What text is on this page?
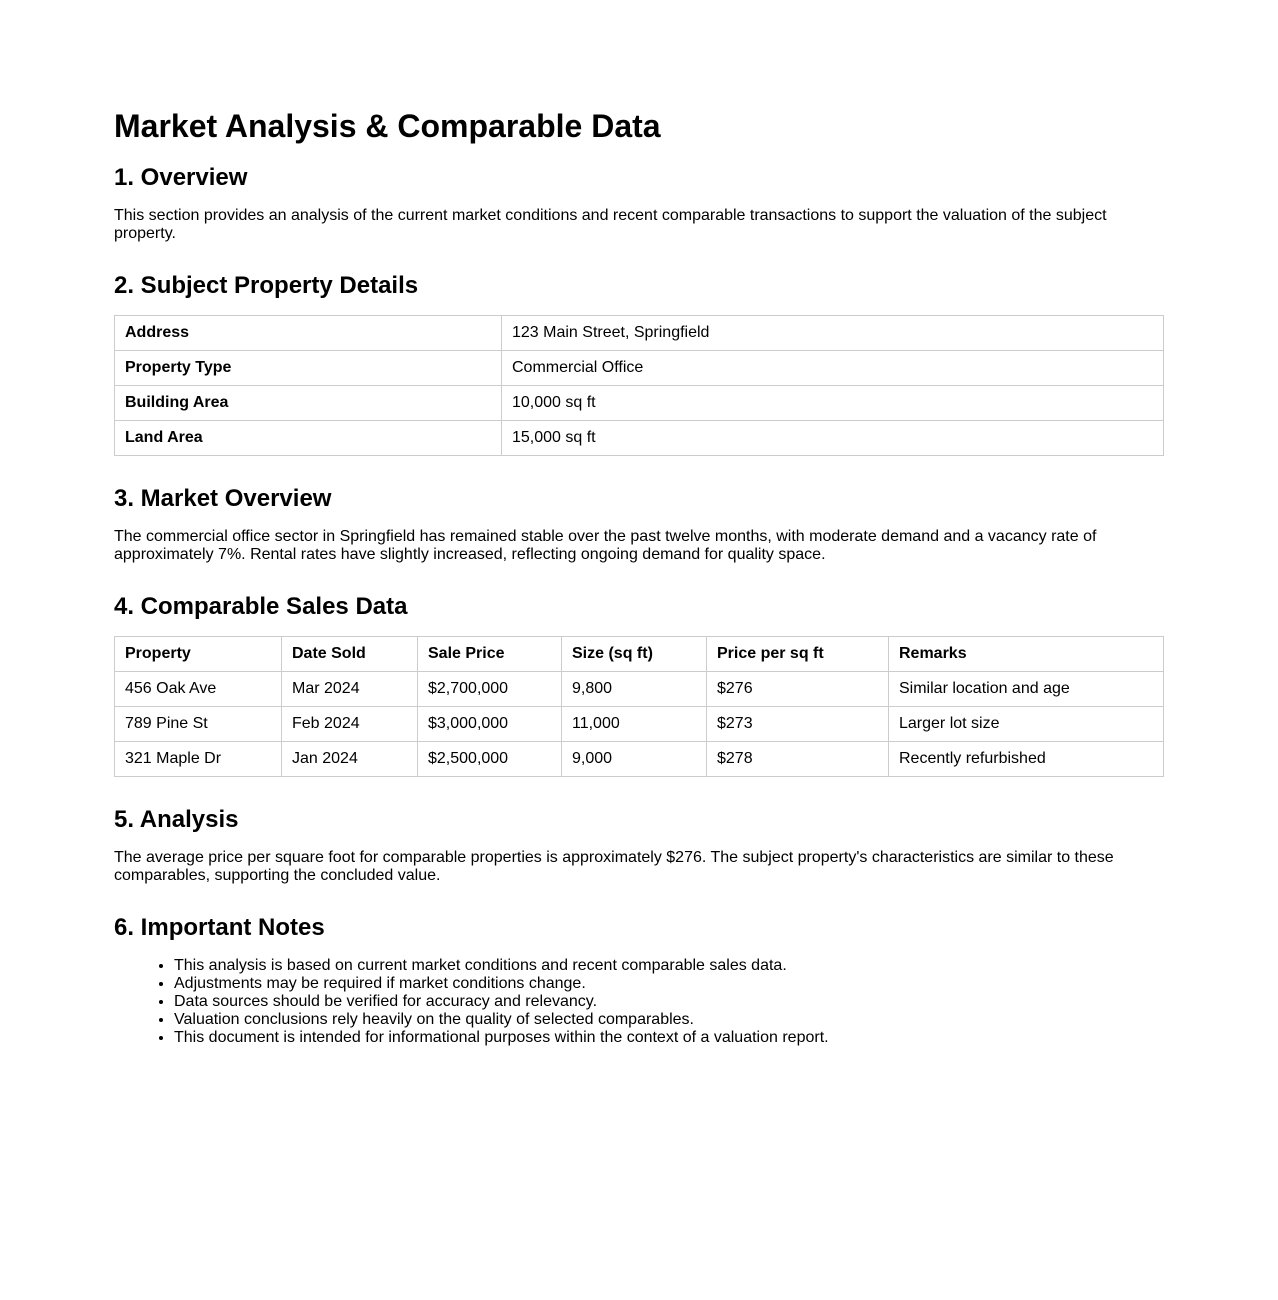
Market Analysis & Comparable Data
1. Overview

This section provides an analysis of the current market conditions and recent comparable transactions to support the valuation of the subject property.

2. Subject Property Details
Address	123 Main Street, Springfield
Property Type	Commercial Office
Building Area	10,000 sq ft
Land Area	15,000 sq ft
3. Market Overview

The commercial office sector in Springfield has remained stable over the past twelve months, with moderate demand and a vacancy rate of approximately 7%. Rental rates have slightly increased, reflecting ongoing demand for quality space.

4. Comparable Sales Data
Property	Date Sold	Sale Price	Size (sq ft)	Price per sq ft	Remarks
456 Oak Ave	Mar 2024	$2,700,000	9,800	$276	Similar location and age
789 Pine St	Feb 2024	$3,000,000	11,000	$273	Larger lot size
321 Maple Dr	Jan 2024	$2,500,000	9,000	$278	Recently refurbished
5. Analysis

The average price per square foot for comparable properties is approximately $276. The subject property's characteristics are similar to these comparables, supporting the concluded value.

6. Important Notes
• This analysis is based on current market conditions and recent comparable sales data.
• Adjustments may be required if market conditions change.
• Data sources should be verified for accuracy and relevancy.
• Valuation conclusions rely heavily on the quality of selected comparables.
• This document is intended for informational purposes within the context of a valuation report.
